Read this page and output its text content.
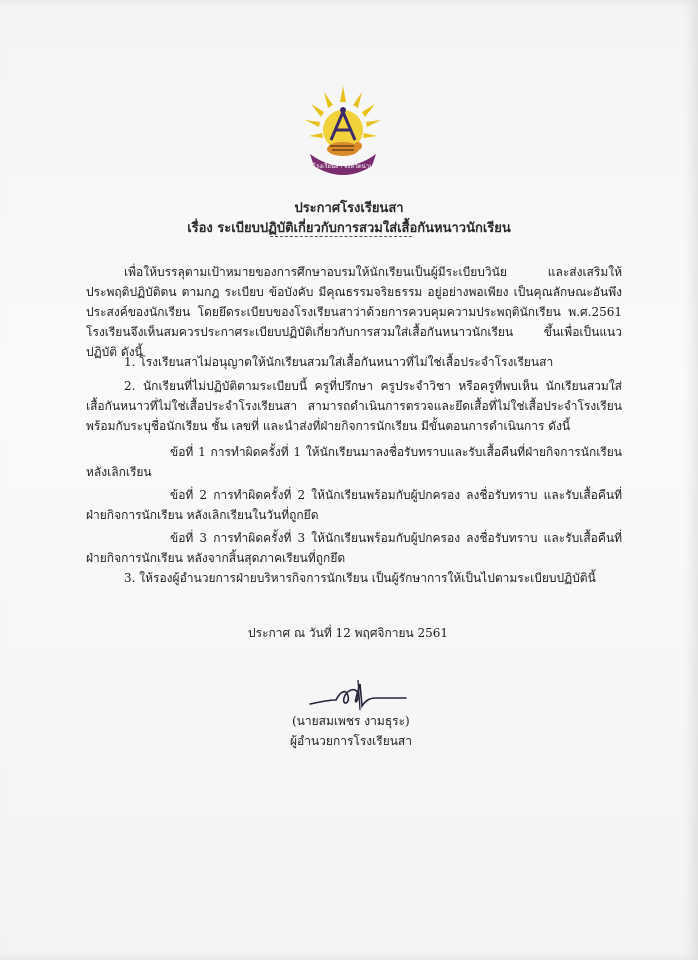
โรงเรียนสา จังหวัดน่าน
ประกาศโรงเรียนสา
เรื่อง ระเบียบปฏิบัติเกี่ยวกับการสวมใส่เสื้อกันหนาวนักเรียน
เพื่อให้บรรลุตามเป้าหมายของการศึกษาอบรมให้นักเรียนเป็นผู้มีระเบียบวินัย และส่งเสริมให้ประพฤติปฏิบัติตน ตามกฎ ระเบียบ ข้อบังคับ มีคุณธรรมจริยธรรม อยู่อย่างพอเพียง เป็นคุณลักษณะอันพึงประสงค์ของนักเรียน โดยยึดระเบียบของโรงเรียนสาว่าด้วยการควบคุมความประพฤตินักเรียน พ.ศ.2561 โรงเรียนจึงเห็นสมควรประกาศระเบียบปฏิบัติเกี่ยวกับการสวมใส่เสื้อกันหนาวนักเรียน ขึ้นเพื่อเป็นแนวปฏิบัติ ดังนี้
1. โรงเรียนสาไม่อนุญาตให้นักเรียนสวมใส่เสื้อกันหนาวที่ไม่ใช่เสื้อประจำโรงเรียนสา
2. นักเรียนที่ไม่ปฏิบัติตามระเบียบนี้ ครูที่ปรึกษา ครูประจำวิชา หรือครูที่พบเห็น นักเรียนสวมใส่เสื้อกันหนาวที่ไม่ใช่เสื้อประจำโรงเรียนสา สามารถดำเนินการตรวจและยึดเสื้อที่ไม่ใช่เสื้อประจำโรงเรียน พร้อมกับระบุชื่อนักเรียน ชั้น เลขที่ และนำส่งที่ฝ่ายกิจการนักเรียน มีขั้นตอนการดำเนินการ ดังนี้
ข้อที่ 1 การทำผิดครั้งที่ 1 ให้นักเรียนมาลงชื่อรับทราบและรับเสื้อคืนที่ฝ่ายกิจการนักเรียน หลังเลิกเรียน
ข้อที่ 2 การทำผิดครั้งที่ 2 ให้นักเรียนพร้อมกับผู้ปกครอง ลงชื่อรับทราบ และรับเสื้อคืนที่ฝ่ายกิจการนักเรียน หลังเลิกเรียนในวันที่ถูกยึด
ข้อที่ 3 การทำผิดครั้งที่ 3 ให้นักเรียนพร้อมกับผู้ปกครอง ลงชื่อรับทราบ และรับเสื้อคืนที่ฝ่ายกิจการนักเรียน หลังจากสิ้นสุดภาคเรียนที่ถูกยึด
3. ให้รองผู้อำนวยการฝ่ายบริหารกิจการนักเรียน เป็นผู้รักษาการให้เป็นไปตามระเบียบปฏิบัตินี้
ประกาศ ณ วันที่ 12 พฤศจิกายน 2561
(นายสมเพชร งามธุระ)
ผู้อำนวยการโรงเรียนสา
